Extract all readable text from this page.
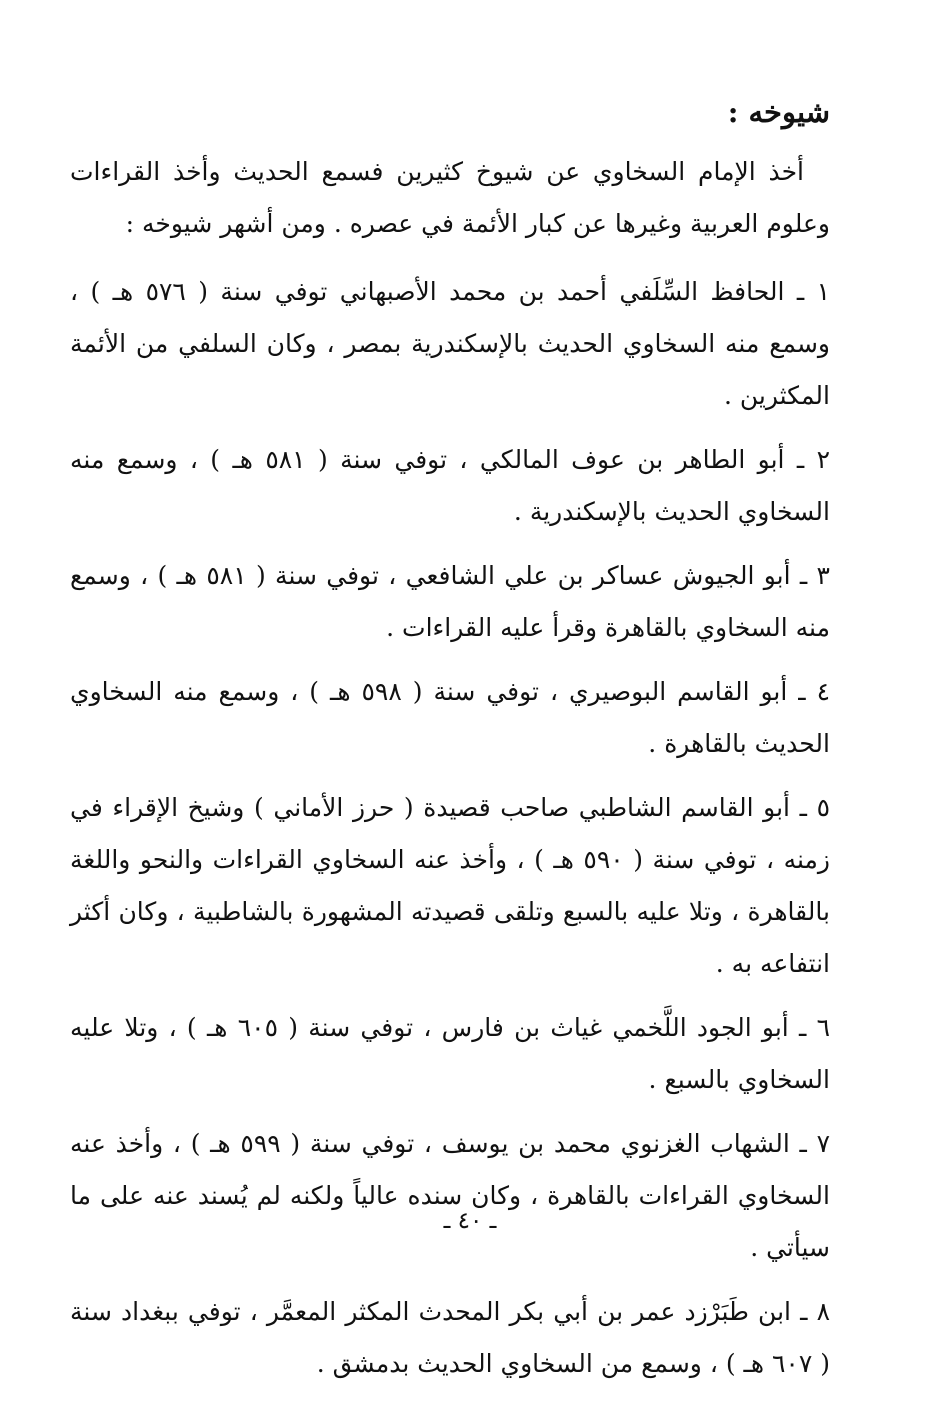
شيوخه :

أخذ الإمام السخاوي عن شيوخ كثيرين فسمع الحديث وأخذ القراءات وعلوم العربية وغيرها عن كبار الأئمة في عصره . ومن أشهر شيوخه :

١ ـ الحافظ السِّلَفي أحمد بن محمد الأصبهاني توفي سنة ( ٥٧٦ هـ ) ، وسمع منه السخاوي الحديث بالإسكندرية بمصر ، وكان السلفي من الأئمة المكثرين .

٢ ـ أبو الطاهر بن عوف المالكي ، توفي سنة ( ٥٨١ هـ ) ، وسمع منه السخاوي الحديث بالإسكندرية .

٣ ـ أبو الجيوش عساكر بن علي الشافعي ، توفي سنة ( ٥٨١ هـ ) ، وسمع منه السخاوي بالقاهرة وقرأ عليه القراءات .

٤ ـ أبو القاسم البوصيري ، توفي سنة ( ٥٩٨ هـ ) ، وسمع منه السخاوي الحديث بالقاهرة .

٥ ـ أبو القاسم الشاطبي صاحب قصيدة ( حرز الأماني ) وشيخ الإقراء في زمنه ، توفي سنة ( ٥٩٠ هـ ) ، وأخذ عنه السخاوي القراءات والنحو واللغة بالقاهرة ، وتلا عليه بالسبع وتلقى قصيدته المشهورة بالشاطبية ، وكان أكثر انتفاعه به .

٦ ـ أبو الجود اللَّخمي غياث بن فارس ، توفي سنة ( ٦٠٥ هـ ) ، وتلا عليه السخاوي بالسبع .

٧ ـ الشهاب الغزنوي محمد بن يوسف ، توفي سنة ( ٥٩٩ هـ ) ، وأخذ عنه السخاوي القراءات بالقاهرة ، وكان سنده عالياً ولكنه لم يُسند عنه على ما سيأتي .

٨ ـ ابن طَبَرْزد عمر بن أبي بكر المحدث المكثر المعمَّر ، توفي ببغداد سنة ( ٦٠٧ هـ ) ، وسمع من السخاوي الحديث بدمشق .

ـ ٤٠ ـ
